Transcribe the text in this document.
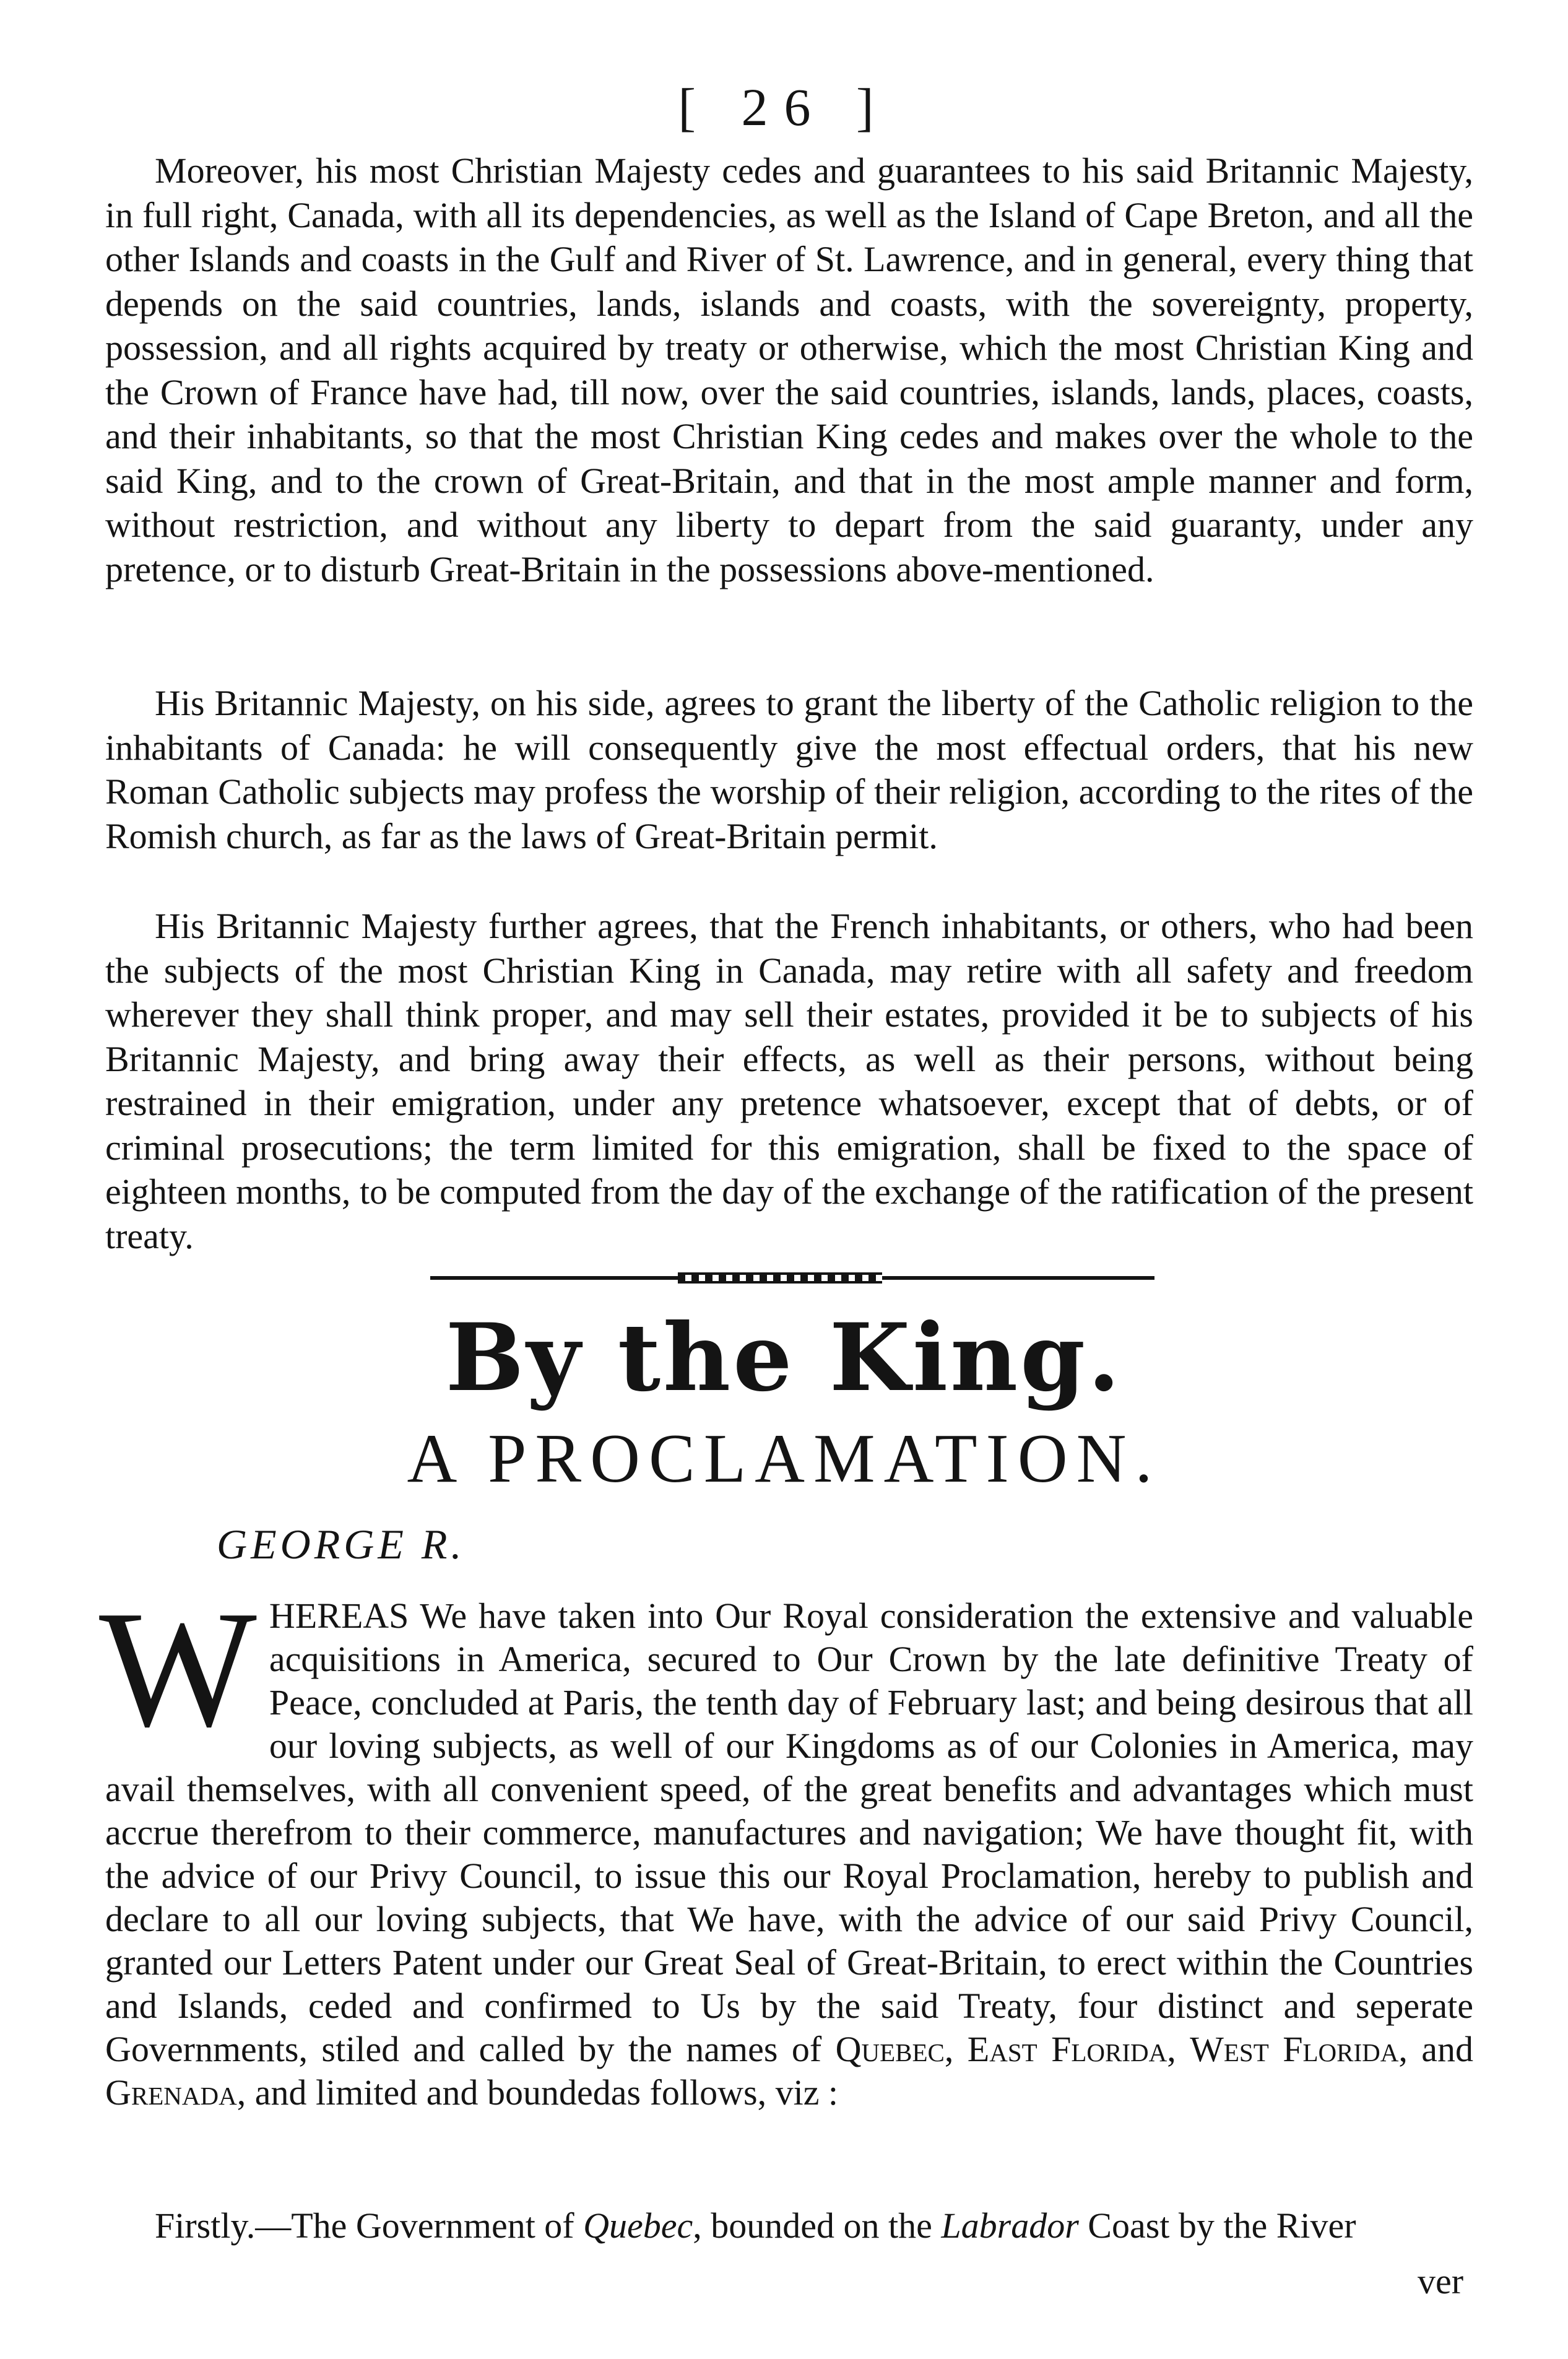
[ 26 ]

Moreover, his most Christian Majesty cedes and guarantees to his said Britannic Majesty, in full right, Canada, with all its dependencies, as well as the Island of Cape Breton, and all the other Islands and coasts in the Gulf and River of St. Lawrence, and in general, every thing that depends on the said countries, lands, islands and coasts, with the sovereignty, property, possession, and all rights acquired by treaty or otherwise, which the most Christian King and the Crown of France have had, till now, over the said countries, islands, lands, places, coasts, and their inhabitants, so that the most Christian King cedes and makes over the whole to the said King, and to the crown of Great-Britain, and that in the most ample manner and form, without restriction, and without any liberty to depart from the said guaranty, under any pretence, or to disturb Great-Britain in the possessions above-mentioned.

His Britannic Majesty, on his side, agrees to grant the liberty of the Catholic religion to the inhabitants of Canada: he will consequently give the most effectual orders, that his new Roman Catholic subjects may profess the worship of their religion, according to the rites of the Romish church, as far as the laws of Great-Britain permit.

His Britannic Majesty further agrees, that the French inhabitants, or others, who had been the subjects of the most Christian King in Canada, may retire with all safety and freedom wherever they shall think proper, and may sell their estates, provided it be to subjects of his Britannic Majesty, and bring away their effects, as well as their persons, without being restrained in their emigration, under any pretence whatsoever, except that of debts, or of criminal prosecutions; the term limited for this emigration, shall be fixed to the space of eighteen months, to be computed from the day of the exchange of the ratification of the present treaty.

By the King.
A PROCLAMATION.
GEORGE R.

WHEREAS We have taken into Our Royal consideration the extensive and valuable acquisitions in America, secured to Our Crown by the late definitive Treaty of Peace, concluded at Paris, the tenth day of February last; and being desirous that all our loving subjects, as well of our Kingdoms as of our Colonies in America, may avail themselves, with all convenient speed, of the great benefits and advantages which must accrue therefrom to their commerce, manufactures and navigation; We have thought fit, with the advice of our Privy Council, to issue this our Royal Proclamation, hereby to publish and declare to all our loving subjects, that We have, with the advice of our said Privy Council, granted our Letters Patent under our Great Seal of Great-Britain, to erect within the Countries and Islands, ceded and confirmed to Us by the said Treaty, four distinct and seperate Governments, stiled and called by the names of Quebec, East Florida, West Florida, and Grenada, and limited and boundedas follows, viz :

Firstly.—The Government of Quebec, bounded on the Labrador Coast by the River

ver
